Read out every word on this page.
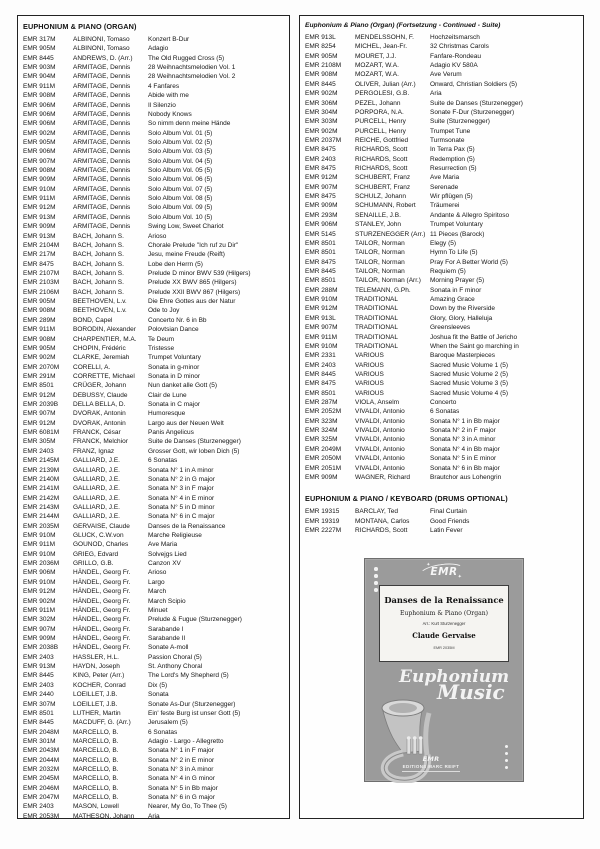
EUPHONIUM & PIANO (ORGAN)
EMR 317M	ALBINONI, Tomaso	Konzert B-Dur
EMR 905M	ALBINONI, Tomaso	Adagio
EMR 8445	ANDREWS, D. (Arr.)	The Old Rugged Cross (5)
EMR 903M	ARMITAGE, Dennis	28 Weihnachtsmelodien Vol. 1
EMR 904M	ARMITAGE, Dennis	28 Weihnachtsmelodien Vol. 2
EMR 911M	ARMITAGE, Dennis	4 Fanfares
EMR 908M	ARMITAGE, Dennis	Abide with me
EMR 906M	ARMITAGE, Dennis	Il Silenzio
EMR 906M	ARMITAGE, Dennis	Nobody Knows
EMR 906M	ARMITAGE, Dennis	So nimm denn meine Hände
EMR 902M	ARMITAGE, Dennis	Solo Album Vol. 01 (5)
EMR 905M	ARMITAGE, Dennis	Solo Album Vol. 02 (5)
EMR 906M	ARMITAGE, Dennis	Solo Album Vol. 03 (5)
EMR 907M	ARMITAGE, Dennis	Solo Album Vol. 04 (5)
EMR 908M	ARMITAGE, Dennis	Solo Album Vol. 05 (5)
EMR 909M	ARMITAGE, Dennis	Solo Album Vol. 06 (5)
EMR 910M	ARMITAGE, Dennis	Solo Album Vol. 07 (5)
EMR 911M	ARMITAGE, Dennis	Solo Album Vol. 08 (5)
EMR 912M	ARMITAGE, Dennis	Solo Album Vol. 09 (5)
EMR 913M	ARMITAGE, Dennis	Solo Album Vol. 10 (5)
EMR 909M	ARMITAGE, Dennis	Swing Low, Sweet Chariot
EMR 913M	BACH, Johann S.	Arioso
EMR 2104M	BACH, Johann S.	Chorale Prelude "Ich ruf zu Dir"
EMR 217M	BACH, Johann S.	Jesu, meine Freude (Reift)
EMR 8475	BACH, Johann S.	Lobe den Herrn (5)
EMR 2107M	BACH, Johann S.	Prelude D minor BWV 539 (Hilgers)
EMR 2103M	BACH, Johann S.	Prelude XX BWV 865 (Hilgers)
EMR 2106M	BACH, Johann S.	Prelude XXII BWV 867 (Hilgers)
EMR 905M	BEETHOVEN, L.v.	Die Ehre Gottes aus der Natur
EMR 908M	BEETHOVEN, L.v.	Ode to Joy
EMR 289M	BOND, Capel	Concerto Nr. 6 in Bb
EMR 911M	BORODIN, Alexander	Polovtsian Dance
EMR 908M	CHARPENTIER, M.A.	Te Deum
EMR 905M	CHOPIN, Frédéric	Tristesse
EMR 902M	CLARKE, Jeremiah	Trumpet Voluntary
EMR 2070M	CORELLI, A.	Sonata in g-minor
EMR 291M	CORRETTE, Michael	Sonata in D minor
EMR 8501	CRÜGER, Johann	Nun danket alle Gott (5)
EMR 912M	DEBUSSY, Claude	Clair de Lune
EMR 2039B	DELLA BELLA, D.	Sonata in C major
EMR 907M	DVORAK, Antonin	Humoresque
EMR 912M	DVORAK, Antonin	Largo aus der Neuen Welt
EMR 6081M	FRANCK, César	Panis Angelicus
EMR 305M	FRANCK, Melchior	Suite de Danses (Sturzenegger)
EMR 2403	FRANZ, Ignaz	Grosser Gott, wir loben Dich (5)
EMR 2145M	GALLIARD, J.E.	6 Sonatas
EMR 2139M	GALLIARD, J.E.	Sonata N° 1 in A minor
EMR 2140M	GALLIARD, J.E.	Sonata N° 2 in G major
EMR 2141M	GALLIARD, J.E.	Sonata N° 3 in F major
EMR 2142M	GALLIARD, J.E.	Sonata N° 4 in E minor
EMR 2143M	GALLIARD, J.E.	Sonata N° 5 in D minor
EMR 2144M	GALLIARD, J.E.	Sonata N° 6 in C major
EMR 2035M	GERVAISE, Claude	Danses de la Renaissance
EMR 910M	GLUCK, C.W.von	Marche Religieuse
EMR 911M	GOUNOD, Charles	Ave Maria
EMR 910M	GRIEG, Edvard	Solvejgs Lied
EMR 2036M	GRILLO, G.B.	Canzon XV
EMR 906M	HÄNDEL, Georg Fr.	Arioso
EMR 910M	HÄNDEL, Georg Fr.	Largo
EMR 912M	HÄNDEL, Georg Fr.	March
EMR 902M	HÄNDEL, Georg Fr.	March Scipio
EMR 911M	HÄNDEL, Georg Fr.	Minuet
EMR 302M	HÄNDEL, Georg Fr.	Prelude & Fugue (Sturzenegger)
EMR 907M	HÄNDEL, Georg Fr.	Sarabande I
EMR 909M	HÄNDEL, Georg Fr.	Sarabande II
EMR 2038B	HÄNDEL, Georg Fr.	Sonate A-moll
EMR 2403	HASSLER, H.L.	Passion Choral (5)
EMR 913M	HAYDN, Joseph	St. Anthony Choral
EMR 8445	KING, Peter (Arr.)	The Lord's My Shepherd (5)
EMR 2403	KOCHER, Conrad	Dix (5)
EMR 2440	LOEILLET, J.B.	Sonata
EMR 307M	LOEILLET, J.B.	Sonate As-Dur (Sturzenegger)
EMR 8501	LUTHER, Martin	Ein' feste Burg ist unser Gott (5)
EMR 8445	MACDUFF, G. (Arr.)	Jerusalem (5)
EMR 2048M	MARCELLO, B.	6 Sonatas
EMR 301M	MARCELLO, B.	Adagio - Largo - Allegretto
EMR 2043M	MARCELLO, B.	Sonata N° 1 in F major
EMR 2044M	MARCELLO, B.	Sonata N° 2 in E minor
EMR 2032M	MARCELLO, B.	Sonata N° 3 in A minor
EMR 2045M	MARCELLO, B.	Sonata N° 4 in G minor
EMR 2046M	MARCELLO, B.	Sonata N° 5 in Bb major
EMR 2047M	MARCELLO, B.	Sonata N° 6 in G major
EMR 2403	MASON, Lowell	Nearer, My Go, To Thee (5)
EMR 2053M	MATHESON, Johann	Aria
Euphonium & Piano (Organ) (Fortsetzung - Continued - Suite)
EMR 913L	MENDELSSOHN, F.	Hochzeitsmarsch
EMR 8254	MICHEL, Jean-Fr.	32 Christmas Carols
EMR 905M	MOURET, J.J.	Fanfare-Rondeau
EMR 2108M	MOZART, W.A.	Adagio KV 580A
EMR 908M	MOZART, W.A.	Ave Verum
EMR 8445	OLIVER, Julian (Arr.)	Onward, Christian Soldiers (5)
EMR 902M	PERGOLESI, G.B.	Aria
EMR 306M	PEZEL, Johann	Suite de Danses (Sturzenegger)
EMR 304M	PORPORA, N.A.	Sonate F-Dur (Sturzenegger)
EMR 303M	PURCELL, Henry	Suite (Sturzenegger)
EMR 902M	PURCELL, Henry	Trumpet Tune
EMR 2037M	REICHE, Gottfried	Turmsonate
EMR 8475	RICHARDS, Scott	In Terra Pax (5)
EMR 2403	RICHARDS, Scott	Redemption (5)
EMR 8475	RICHARDS, Scott	Resurrection (5)
EMR 912M	SCHUBERT, Franz	Ave Maria
EMR 907M	SCHUBERT, Franz	Serenade
EMR 8475	SCHULZ, Johann	Wir pflügen (5)
EMR 909M	SCHUMANN, Robert	Träumerei
EMR 293M	SENAILLE, J.B.	Andante & Allegro Spiritoso
EMR 906M	STANLEY, John	Trumpet Voluntary
EMR 5145	STURZENEGGER (Arr.) 11 Pieces (Barock)
EMR 8501	TAILOR, Norman	Elegy (5)
EMR 8501	TAILOR, Norman	Hymn To Life (5)
EMR 8475	TAILOR, Norman	Pray For A Better World (5)
EMR 8445	TAILOR, Norman	Requiem (5)
EMR 8501	TAILOR, Norman (Arr.)	Morning Prayer (5)
EMR 288M	TELEMANN, G.Ph.	Sonata in F minor
EMR 910M	TRADITIONAL	Amazing Grace
EMR 912M	TRADITIONAL	Down by the Riverside
EMR 913L	TRADITIONAL	Glory, Glory, Halleluja
EMR 907M	TRADITIONAL	Greensleeves
EMR 911M	TRADITIONAL	Joshua fit the Battle of Jericho
EMR 910M	TRADITIONAL	When the Saint go marching in
EMR 2331	VARIOUS	Baroque Masterpieces
EMR 2403	VARIOUS	Sacred Music Volume 1 (5)
EMR 8445	VARIOUS	Sacred Music Volume 2 (5)
EMR 8475	VARIOUS	Sacred Music Volume 3 (5)
EMR 8501	VARIOUS	Sacred Music Volume 4 (5)
EMR 287M	VIOLA, Anselm	Concerto
EMR 2052M	VIVALDI, Antonio	6 Sonatas
EMR 323M	VIVALDI, Antonio	Sonata N° 1 in Bb major
EMR 324M	VIVALDI, Antonio	Sonata N° 2 in F major
EMR 325M	VIVALDI, Antonio	Sonata N° 3 in A minor
EMR 2049M	VIVALDI, Antonio	Sonata N° 4 in Bb major
EMR 2050M	VIVALDI, Antonio	Sonata N° 5 in E minor
EMR 2051M	VIVALDI, Antonio	Sonata N° 6 in Bb major
EMR 909M	WAGNER, Richard	Brautchor aus Lohengrin
EUPHONIUM & PIANO / KEYBOARD (DRUMS OPTIONAL)
EMR 19315	BARCLAY, Ted	Final Curtain
EMR 19319	MONTANA, Carlos	Good Friends
EMR 2227M	RICHARDS, Scott	Latin Fever
✦EMR✦
Danses de la Renaissance
Euphonium & Piano (Organ)
Arr.: Kurt Sturzenegger
Claude Gervaise
EMR 2035M
Euphonium
Music
EMR
EDITIONS MARC REIFT
